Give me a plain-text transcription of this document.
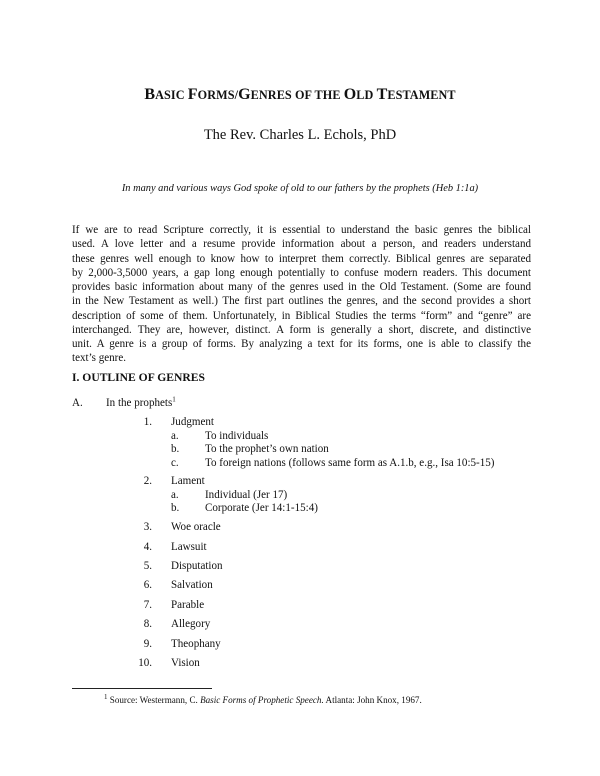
BASIC FORMS/GENRES OF THE OLD TESTAMENT
The Rev. Charles L. Echols, PhD
In many and various ways God spoke of old to our fathers by the prophets (Heb 1:1a)
If we are to read Scripture correctly, it is essential to understand the basic genres the biblical
used. A love letter and a resume provide information about a person, and readers understand
these genres well enough to know how to interpret them correctly. Biblical genres are separated
by 2,000-3,5000 years, a gap long enough potentially to confuse modern readers. This document
provides basic information about many of the genres used in the Old Testament. (Some are found
in the New Testament as well.) The first part outlines the genres, and the second provides a short
description of some of them. Unfortunately, in Biblical Studies the terms “form” and “genre” are
interchanged. They are, however, distinct. A form is generally a short, discrete, and distinctive
unit. A genre is a group of forms. By analyzing a text for its forms, one is able to classify the
text’s genre.
I. OUTLINE OF GENRES
A. In the prophets$^1$
1. Judgment
a. To individuals
b. To the prophet’s own nation
c. To foreign nations (follows same form as A.1.b, e.g., Isa 10:5-15)
2. Lament
a. Individual (Jer 17)
b. Corporate (Jer 14:1-15:4)
3. Woe oracle
4. Lawsuit
5. Disputation
6. Salvation
7. Parable
8. Allegory
9. Theophany
10. Vision
$^1$ Source: Westermann, C. Basic Forms of Prophetic Speech. Atlanta: John Knox, 1967.
